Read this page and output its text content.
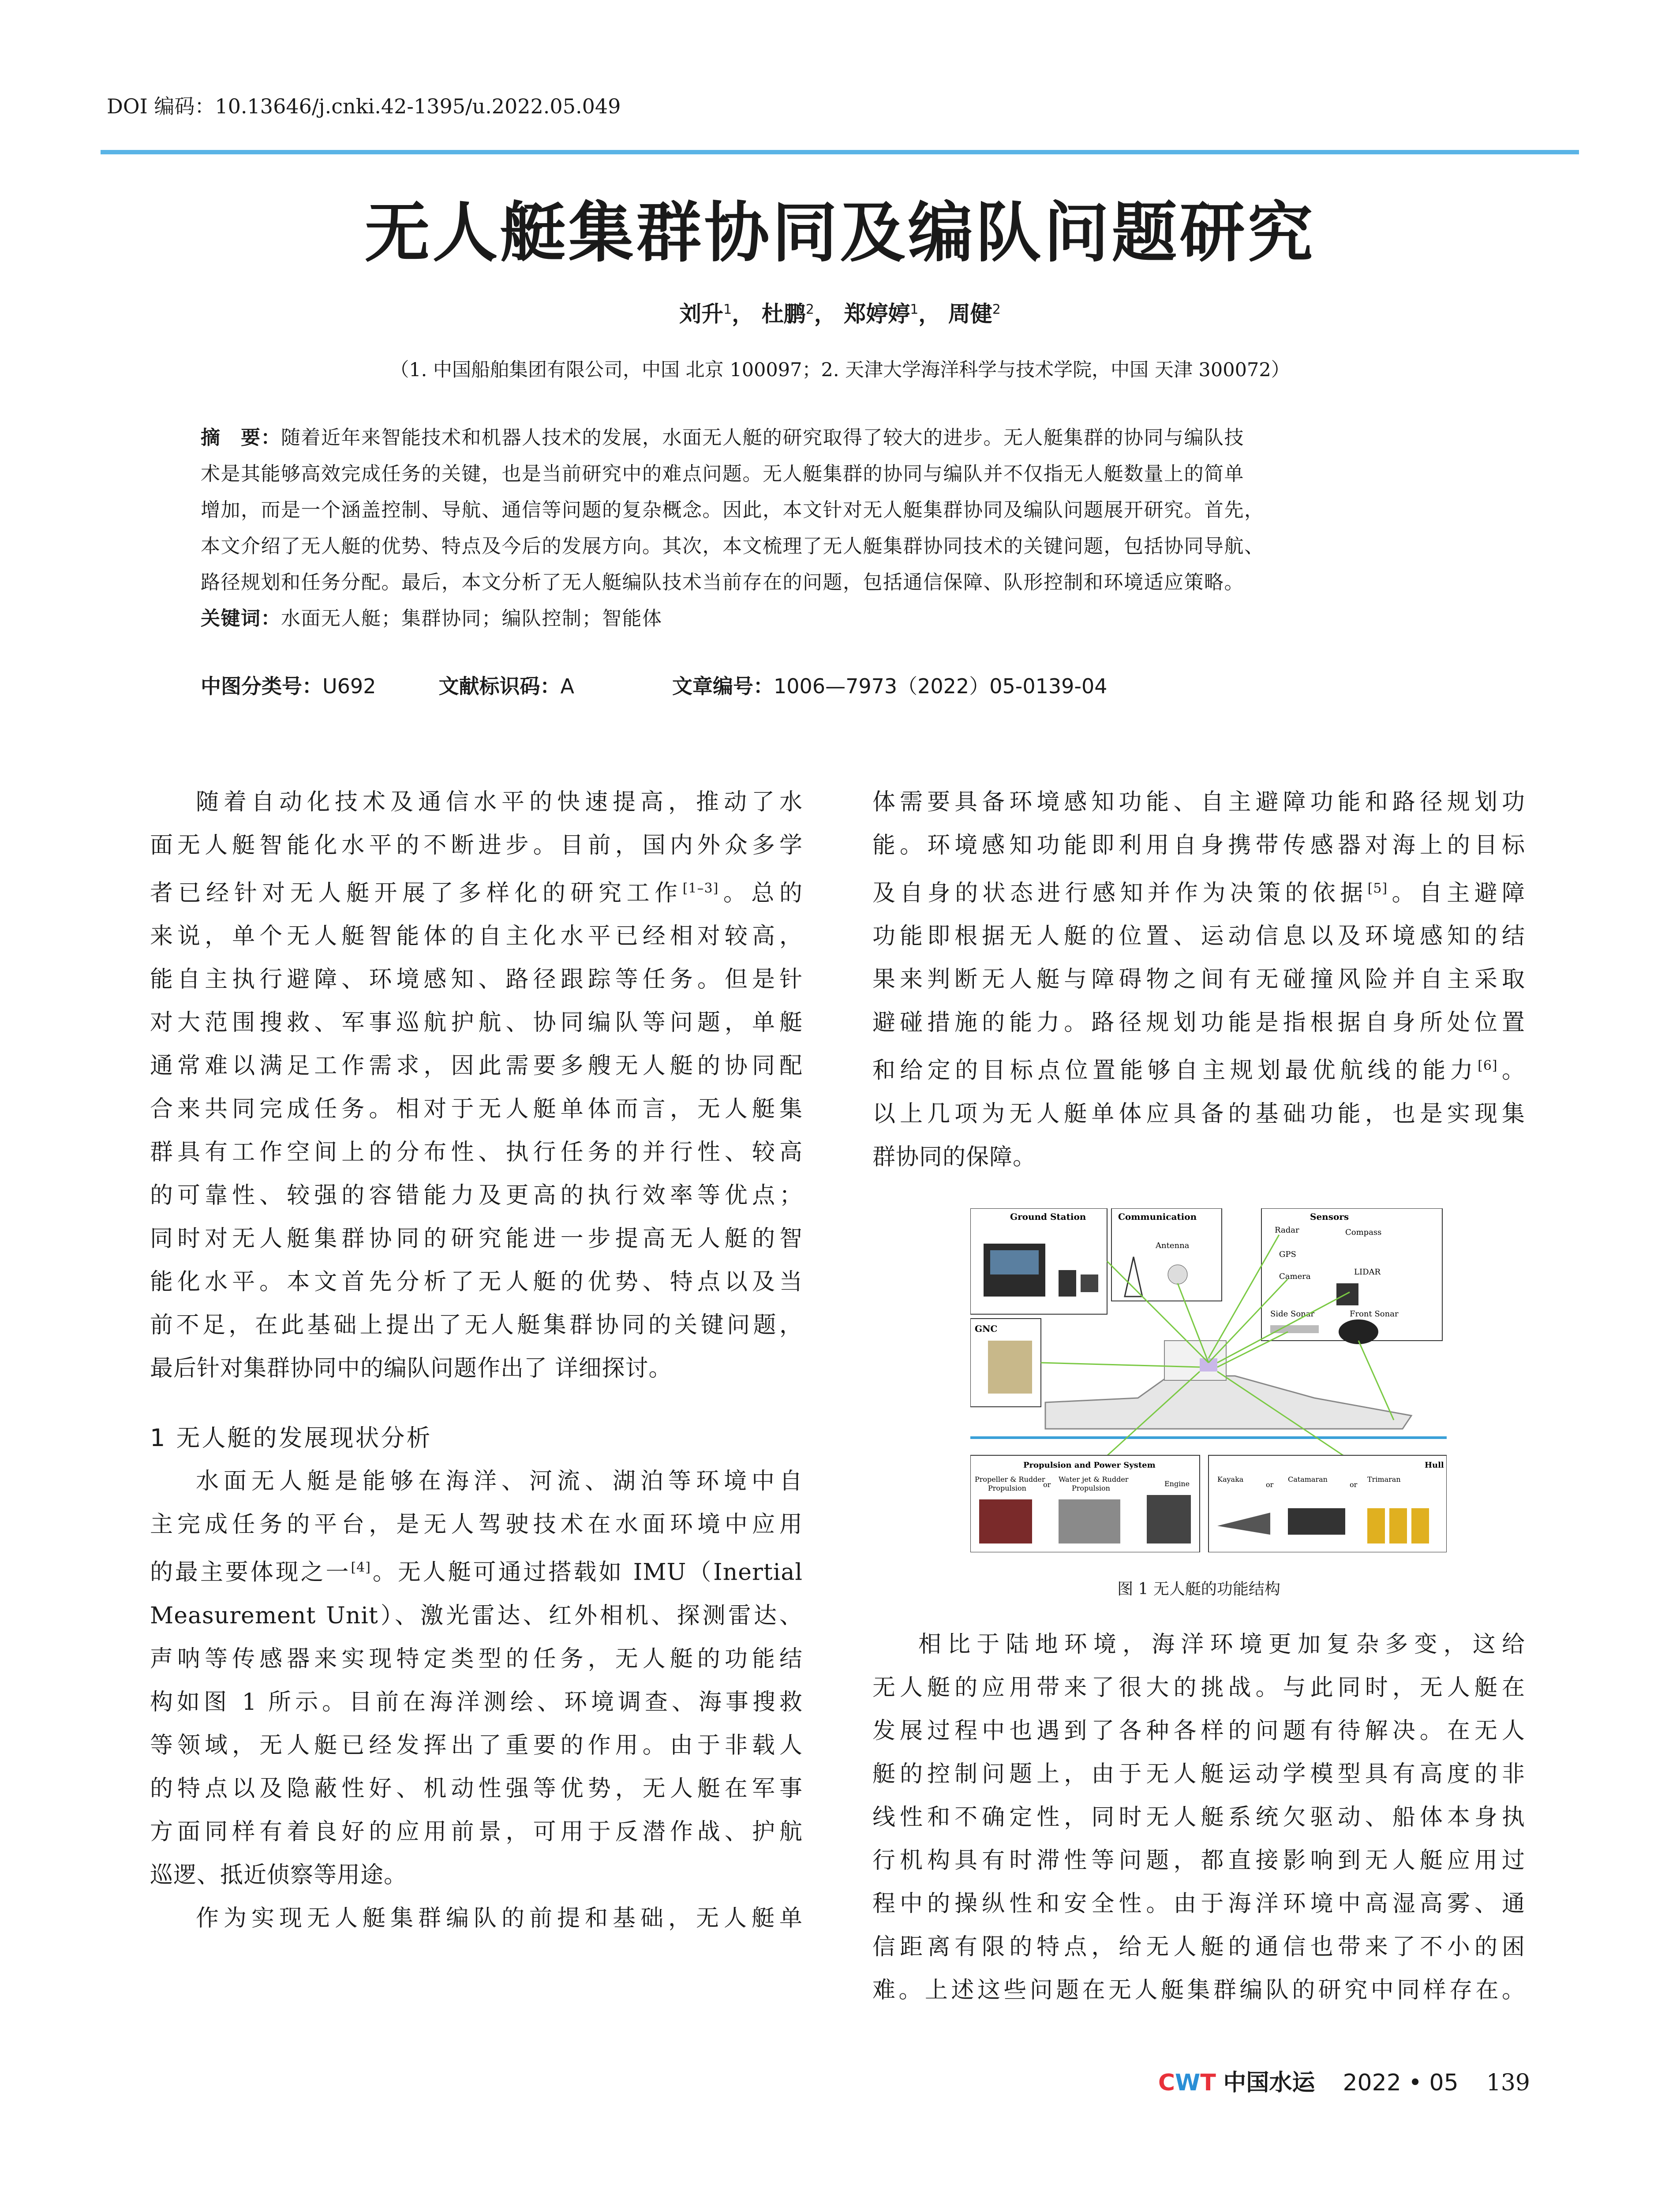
DOI 编码：10.13646/j.cnki.42-1395/u.2022.05.049
无人艇集群协同及编队问题研究
刘升$^1$， 杜鹏$^2$， 郑婷婷$^1$， 周健$^2$
（1. 中国船舶集团有限公司，中国 北京 100097；2. 天津大学海洋科学与技术学院，中国 天津 300072）
摘　要：随着近年来智能技术和机器人技术的发展，水面无人艇的研究取得了较大的进步。无人艇集群的协同与编队技
术是其能够高效完成任务的关键，也是当前研究中的难点问题。无人艇集群的协同与编队并不仅指无人艇数量上的简单
增加，而是一个涵盖控制、导航、通信等问题的复杂概念。因此，本文针对无人艇集群协同及编队问题展开研究。首先，
本文介绍了无人艇的优势、特点及今后的发展方向。其次，本文梳理了无人艇集群协同技术的关键问题，包括协同导航、
路径规划和任务分配。最后，本文分析了无人艇编队技术当前存在的问题，包括通信保障、队形控制和环境适应策略。
关键词：水面无人艇；集群协同；编队控制；智能体
中图分类号：U692	文献标识码：A	文章编号：1006—7973（2022）05-0139-04
随着自动化技术及通信水平的快速提高，推动了水
面无人艇智能化水平的不断进步。目前，国内外众多学
者已经针对无人艇开展了多样化的研究工作[1–3]。总的
来说，单个无人艇智能体的自主化水平已经相对较高，
能自主执行避障、环境感知、路径跟踪等任务。但是针
对大范围搜救、军事巡航护航、协同编队等问题，单艇
通常难以满足工作需求，因此需要多艘无人艇的协同配
合来共同完成任务。相对于无人艇单体而言，无人艇集
群具有工作空间上的分布性、执行任务的并行性、较高
的可靠性、较强的容错能力及更高的执行效率等优点；
同时对无人艇集群协同的研究能进一步提高无人艇的智
能化水平。本文首先分析了无人艇的优势、特点以及当
前不足，在此基础上提出了无人艇集群协同的关键问题，
最后针对集群协同中的编队问题作出了 详细探讨。
1 无人艇的发展现状分析
水面无人艇是能够在海洋、河流、湖泊等环境中自
主完成任务的平台，是无人驾驶技术在水面环境中应用
的最主要体现之一[4]。无人艇可通过搭载如 IMU（Inertial
Measurement Unit）、激光雷达、红外相机、探测雷达、
声呐等传感器来实现特定类型的任务，无人艇的功能结
构如图 1 所示。目前在海洋测绘、环境调查、海事搜救
等领域，无人艇已经发挥出了重要的作用。由于非载人
的特点以及隐蔽性好、机动性强等优势，无人艇在军事
方面同样有着良好的应用前景，可用于反潜作战、护航
巡逻、抵近侦察等用途。
作为实现无人艇集群编队的前提和基础，无人艇单
体需要具备环境感知功能、自主避障功能和路径规划功
能。环境感知功能即利用自身携带传感器对海上的目标
及自身的状态进行感知并作为决策的依据[5]。自主避障
功能即根据无人艇的位置、运动信息以及环境感知的结
果来判断无人艇与障碍物之间有无碰撞风险并自主采取
避碰措施的能力。路径规划功能是指根据自身所处位置
和给定的目标点位置能够自主规划最优航线的能力[6]。
以上几项为无人艇单体应具备的基础功能，也是实现集
群协同的保障。
Ground Station	Communication
Antenna
Sensors
Radar	Compass
GPS
Camera	LIDAR
Side Sonar	Front Sonar
GNC
Propulsion and Power System
Propeller & Rudder
Propulsion
Water jet & Rudder
Propulsion
or	Engine
Hull
Kayaka	Catamaran	Trimaran
or	or
图 1 无人艇的功能结构
相比于陆地环境，海洋环境更加复杂多变，这给
无人艇的应用带来了很大的挑战。与此同时，无人艇在
发展过程中也遇到了各种各样的问题有待解决。在无人
艇的控制问题上，由于无人艇运动学模型具有高度的非
线性和不确定性，同时无人艇系统欠驱动、船体本身执
行机构具有时滞性等问题，都直接影响到无人艇应用过
程中的操纵性和安全性。由于海洋环境中高湿高雾、通
信距离有限的特点，给无人艇的通信也带来了不小的困
难。上述这些问题在无人艇集群编队的研究中同样存在。
CWT 中国水运 2022 • 05 139
